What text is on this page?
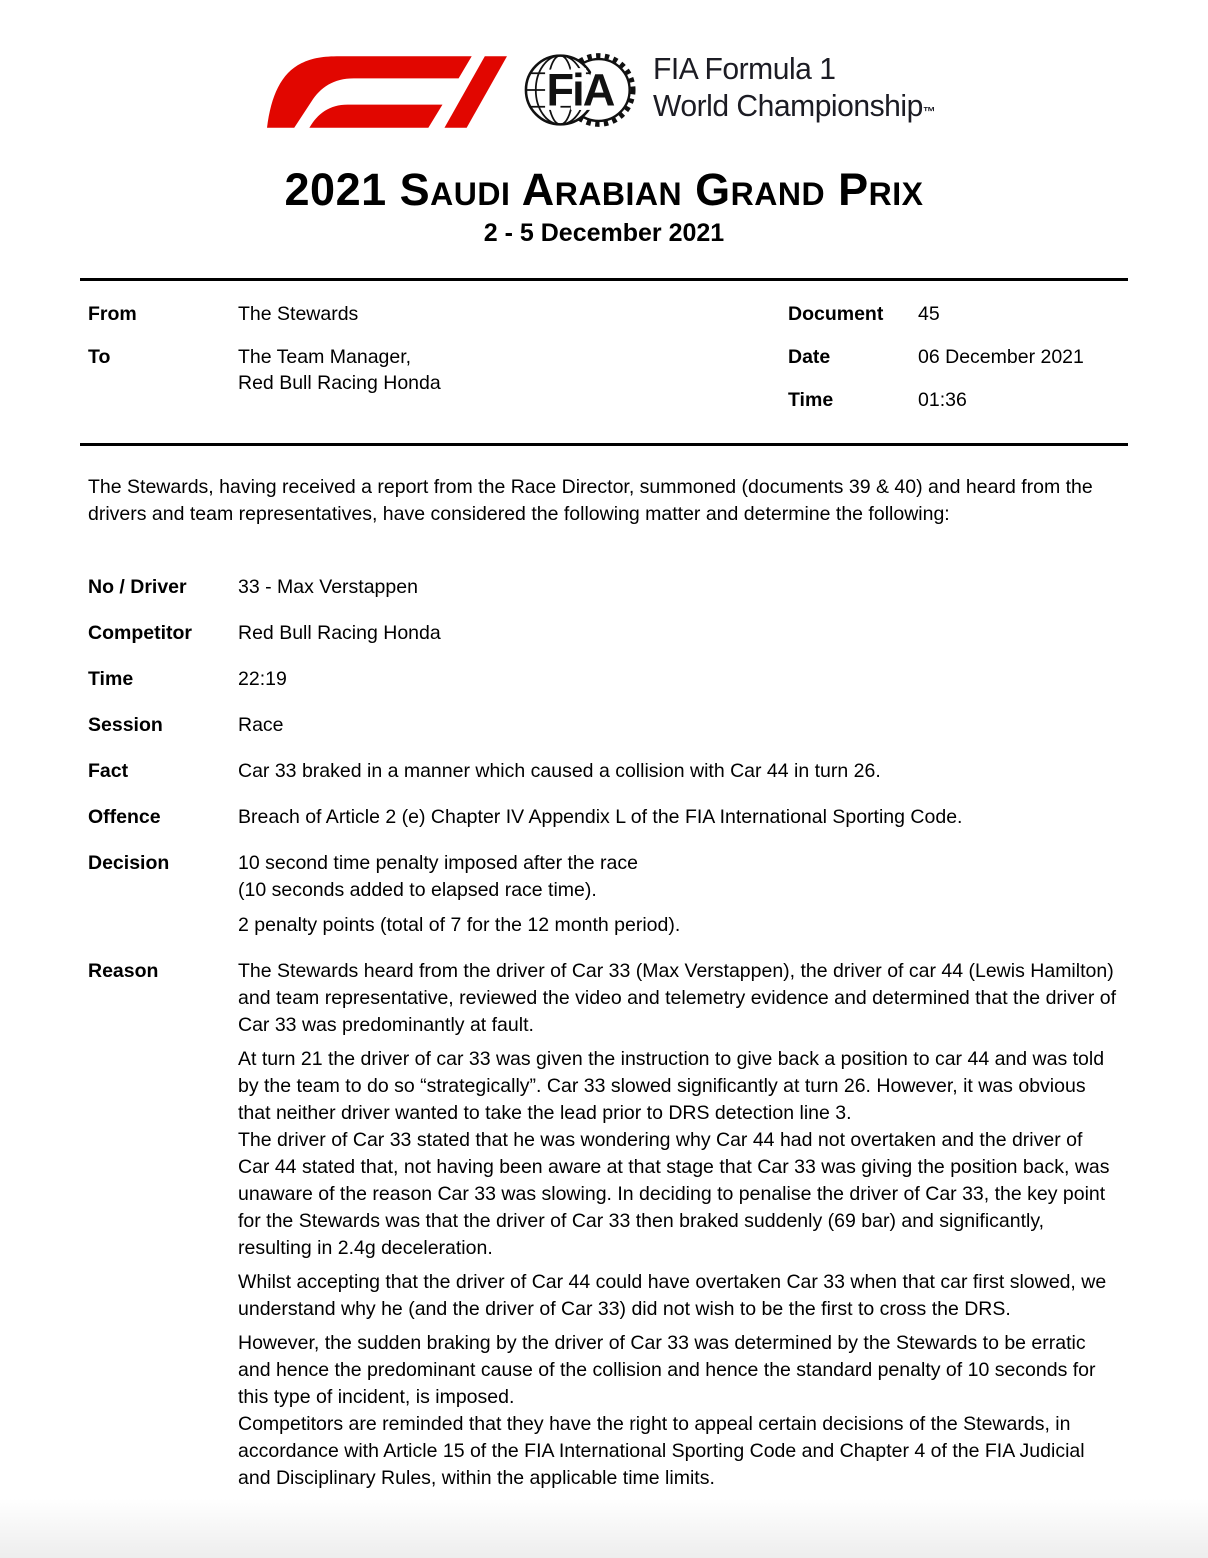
FiA FIA Formula 1
World Championship™
2021 Saudi Arabian Grand Prix
2 - 5 December 2021
From	The Stewards
To	The Team Manager,
Red Bull Racing Honda
Document	45
Date	06 December 2021
Time	01:36

The Stewards, having received a report from the Race Director, summoned (documents 39 & 40) and heard from the drivers and team representatives, have considered the following matter and determine the following:

No / Driver	33 - Max Verstappen
Competitor	Red Bull Racing Honda
Time	22:19
Session	Race
Fact	Car 33 braked in a manner which caused a collision with Car 44 in turn 26.
Offence	Breach of Article 2 (e) Chapter IV Appendix L of the FIA International Sporting Code.
Decision	10 second time penalty imposed after the race

(10 seconds added to elapsed race time).

2 penalty points (total of 7 for the 12 month period).

Reason	The Stewards heard from the driver of Car 33 (Max Verstappen), the driver of car 44 (Lewis Hamilton) and team representative, reviewed the video and telemetry evidence and determined that the driver of Car 33 was predominantly at fault.

At turn 21 the driver of car 33 was given the instruction to give back a position to car 44 and was told by the team to do so “strategically”. Car 33 slowed significantly at turn 26. However, it was obvious that neither driver wanted to take the lead prior to DRS detection line 3.

The driver of Car 33 stated that he was wondering why Car 44 had not overtaken and the driver of Car 44 stated that, not having been aware at that stage that Car 33 was giving the position back, was unaware of the reason Car 33 was slowing. In deciding to penalise the driver of Car 33, the key point for the Stewards was that the driver of Car 33 then braked suddenly (69 bar) and significantly, resulting in 2.4g deceleration.

Whilst accepting that the driver of Car 44 could have overtaken Car 33 when that car first slowed, we understand why he (and the driver of Car 33) did not wish to be the first to cross the DRS.

However, the sudden braking by the driver of Car 33 was determined by the Stewards to be erratic and hence the predominant cause of the collision and hence the standard penalty of 10 seconds for this type of incident, is imposed.

Competitors are reminded that they have the right to appeal certain decisions of the Stewards, in accordance with Article 15 of the FIA International Sporting Code and Chapter 4 of the FIA Judicial and Disciplinary Rules, within the applicable time limits.
